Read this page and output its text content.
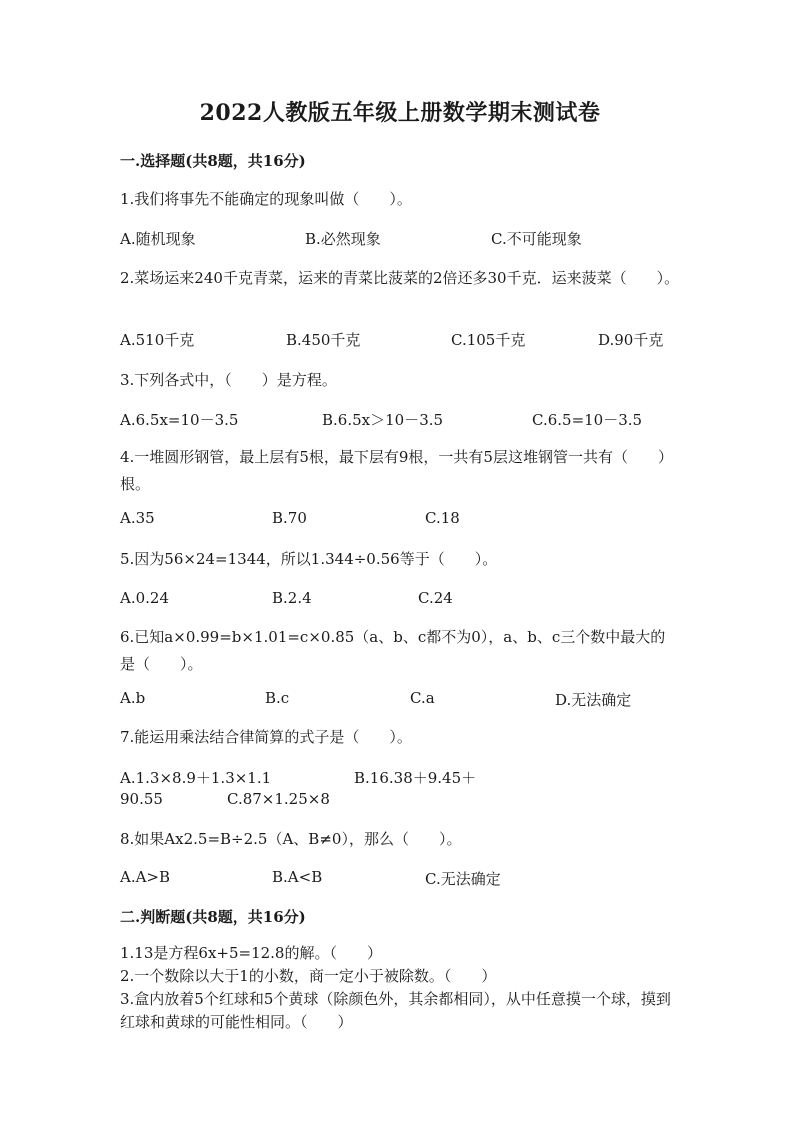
2022人教版五年级上册数学期末测试卷
一.选择题(共8题，共16分)
1.我们将事先不能确定的现象叫做（　　）。
A.随机现象	B.必然现象	C.不可能现象
2.菜场运来240千克青菜，运来的青菜比菠菜的2倍还多30千克．运来菠菜（　　）。
A.510千克	B.450千克	C.105千克	D.90千克
3.下列各式中，（　　）是方程。
A.6.5x=10－3.5	B.6.5x＞10－3.5	C.6.5=10－3.5
4.一堆圆形钢管，最上层有5根，最下层有9根，一共有5层这堆钢管一共有（　　）根。
A.35	B.70	C.18
5.因为56×24=1344，所以1.344÷0.56等于（　　）。
A.0.24	B.2.4	C.24
6.已知a×0.99=b×1.01=c×0.85（a、b、c都不为0），a、b、c三个数中最大的是（　　）。
A.b	B.c	C.a	D.无法确定
7.能运用乘法结合律简算的式子是（　　）。
A.1.3×8.9＋1.3×1.1	B.16.38＋9.45＋
90.55	C.87×1.25×8
8.如果Ax2.5=B÷2.5（A、B≠0），那么（　　）。
A.A>B	B.A<B	C.无法确定
二.判断题(共8题，共16分)
1.13是方程6x+5=12.8的解。（　　）
2.一个数除以大于1的小数，商一定小于被除数。（　　）
3.盒内放着5个红球和5个黄球（除颜色外，其余都相同），从中任意摸一个球，摸到红球和黄球的可能性相同。（　　）
